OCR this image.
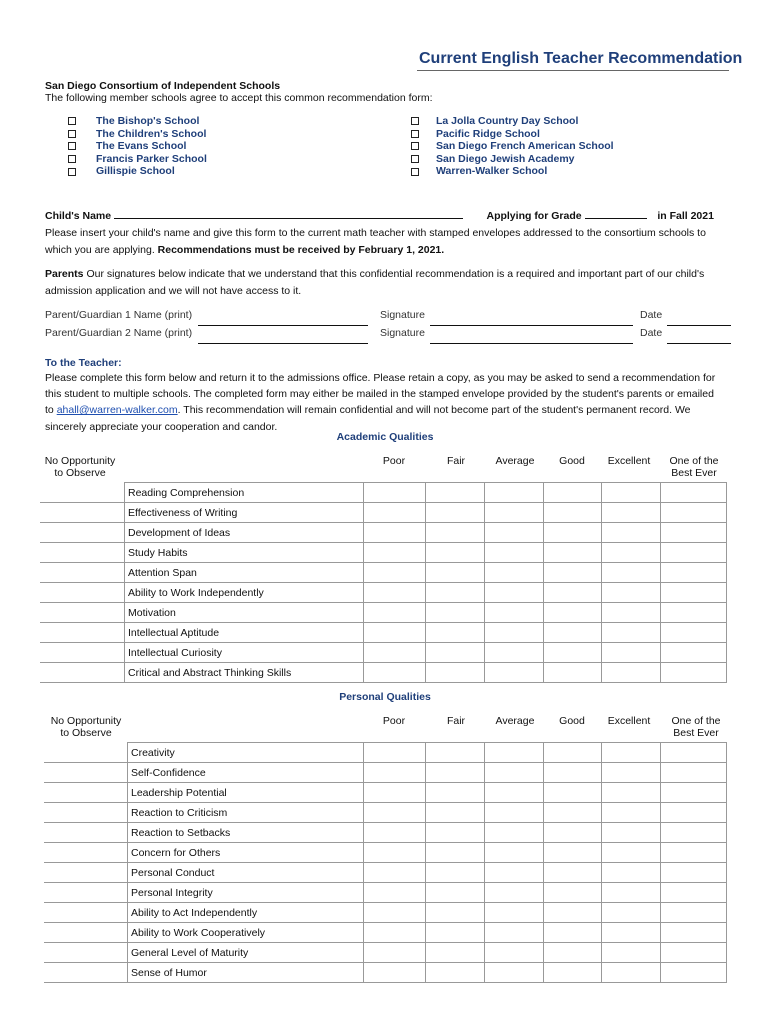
Current English Teacher Recommendation
San Diego Consortium of Independent Schools
The following member schools agree to accept this common recommendation form:
The Bishop's School
The Children's School
The Evans School
Francis Parker School
Gillispie School
La Jolla Country Day School
Pacific Ridge School
San Diego French American School
San Diego Jewish Academy
Warren-Walker School
Child's Name	Applying for Grade	in Fall 2021
Please insert your child's name and give this form to the current math teacher with stamped envelopes addressed to the consortium schools to which you are applying. Recommendations must be received by February 1, 2021.
Parents Our signatures below indicate that we understand that this confidential recommendation is a required and important part of our child's admission application and we will not have access to it.
Parent/Guardian 1 Name (print)	Signature	Date
Parent/Guardian 2 Name (print)	Signature	Date
To the Teacher:
Please complete this form below and return it to the admissions office. Please retain a copy, as you may be asked to send a recommendation for this student to multiple schools. The completed form may either be mailed in the stamped envelope provided by the student's parents or emailed to ahall@warren-walker.com. This recommendation will remain confidential and will not become part of the student's permanent record. We sincerely appreciate your cooperation and candor.
Academic Qualities
No Opportunity
to Observe
Poor	Fair	Average	Good	Excellent	One of the
Best Ever
Reading Comprehension						
Effectiveness of Writing						
Development of Ideas						
Study Habits						
Attention Span						
Ability to Work Independently						
Motivation						
Intellectual Aptitude						
Intellectual Curiosity						
Critical and Abstract Thinking Skills						
Personal Qualities
No Opportunity
to Observe
Poor	Fair	Average	Good	Excellent	One of the
Best Ever
Creativity						
Self-Confidence						
Leadership Potential						
Reaction to Criticism						
Reaction to Setbacks						
Concern for Others						
Personal Conduct						
Personal Integrity						
Ability to Act Independently						
Ability to Work Cooperatively						
General Level of Maturity						
Sense of Humor						
